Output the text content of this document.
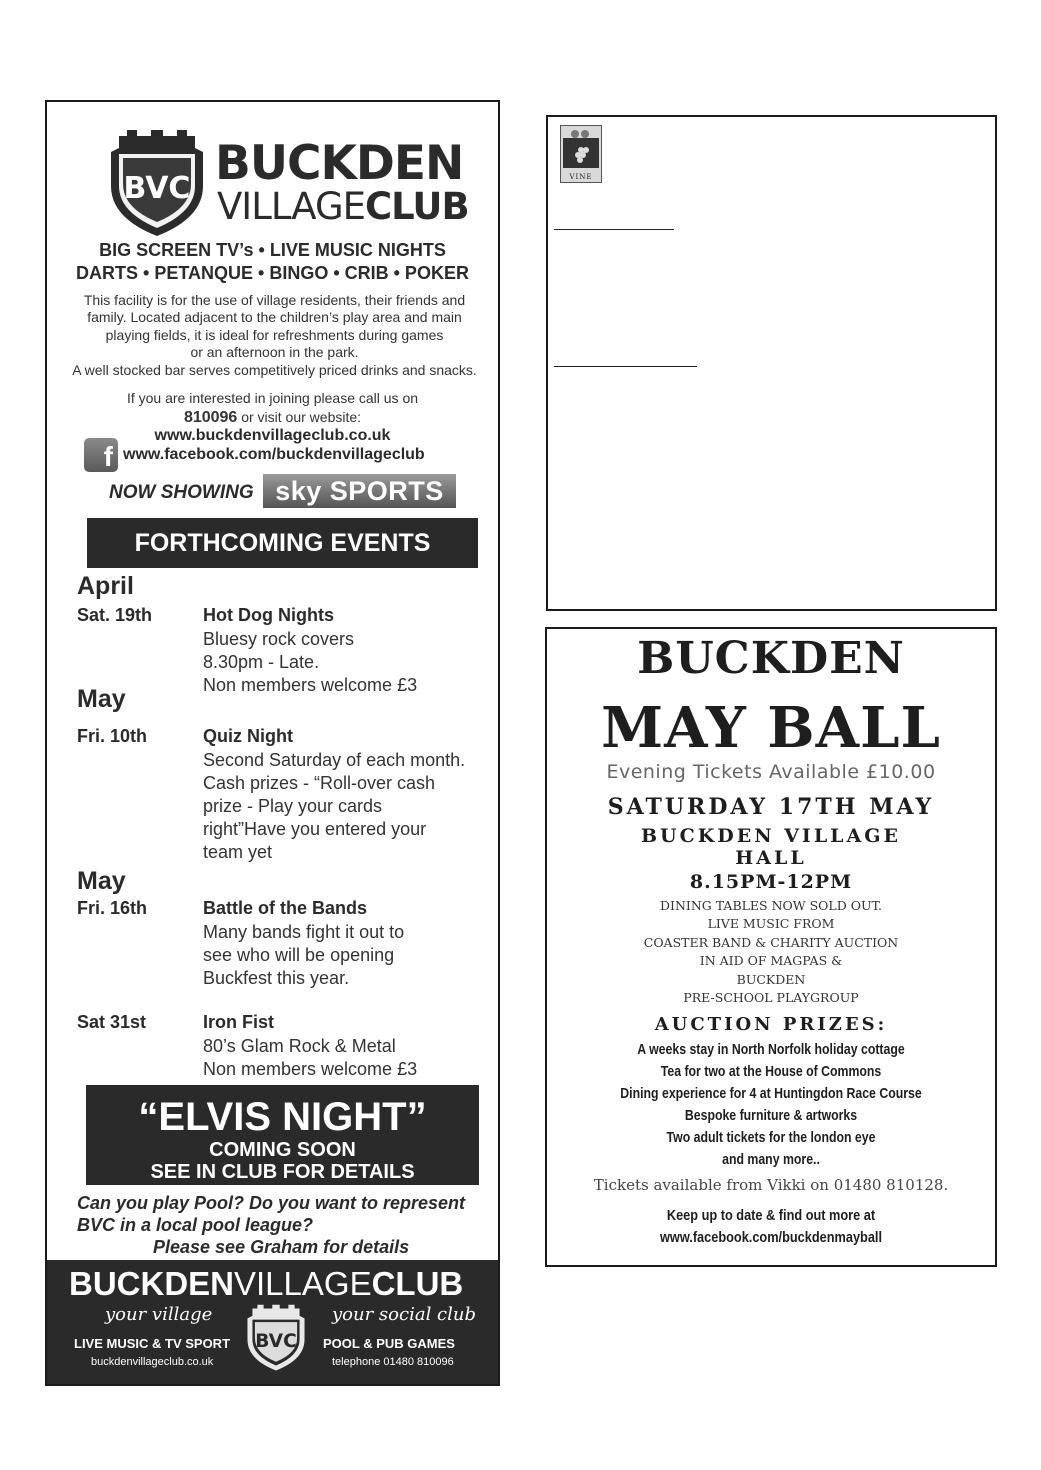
BVC BUCKDEN
VILLAGECLUB
BIG SCREEN TV’s • LIVE MUSIC NIGHTS
DARTS • PETANQUE • BINGO • CRIB • POKER
This facility is for the use of village residents, their friends and
family. Located adjacent to the children’s play area and main
playing fields, it is ideal for refreshments during games
or an afternoon in the park.
A well stocked bar serves competitively priced drinks and snacks.
If you are interested in joining please call us on
810096 or visit our website:
www.buckdenvillageclub.co.uk
f www.facebook.com/buckdenvillageclub
NOW SHOWING sky SPORTS
FORTHCOMING EVENTS
April
Sat. 19th	Hot Dog Nights
Bluesy rock covers
8.30pm - Late.
Non members welcome £3
May
Fri. 10th	Quiz Night
Second Saturday of each month.
Cash prizes - “Roll-over cash
prize - Play your cards
right”Have you entered your
team yet
May
Fri. 16th	Battle of the Bands
Many bands fight it out to
see who will be opening
Buckfest this year.
Sat 31st	Iron Fist
80’s Glam Rock & Metal
Non members welcome £3
“ELVIS NIGHT”
COMING SOON
SEE IN CLUB FOR DETAILS
Can you play Pool? Do you want to represent
BVC in a local pool league?
Please see Graham for details
BUCKDENVILLAGECLUB
your village
BVC
your social club
LIVE MUSIC & TV SPORT	POOL & PUB GAMES
buckdenvillageclub.co.uk	telephone 01480 810096
VINE
BUCKDEN
MAY BALL
Evening Tickets Available £10.00
SATURDAY 17TH MAY
BUCKDEN VILLAGE
HALL
8.15PM-12PM
DINING TABLES NOW SOLD OUT.
LIVE MUSIC FROM
COASTER BAND & CHARITY AUCTION
IN AID OF MAGPAS &
BUCKDEN
PRE-SCHOOL PLAYGROUP
AUCTION PRIZES:
A weeks stay in North Norfolk holiday cottage
Tea for two at the House of Commons
Dining experience for 4 at Huntingdon Race Course
Bespoke furniture & artworks
Two adult tickets for the london eye
and many more..
Tickets available from Vikki on 01480 810128.
Keep up to date & find out more at
www.facebook.com/buckdenmayball
